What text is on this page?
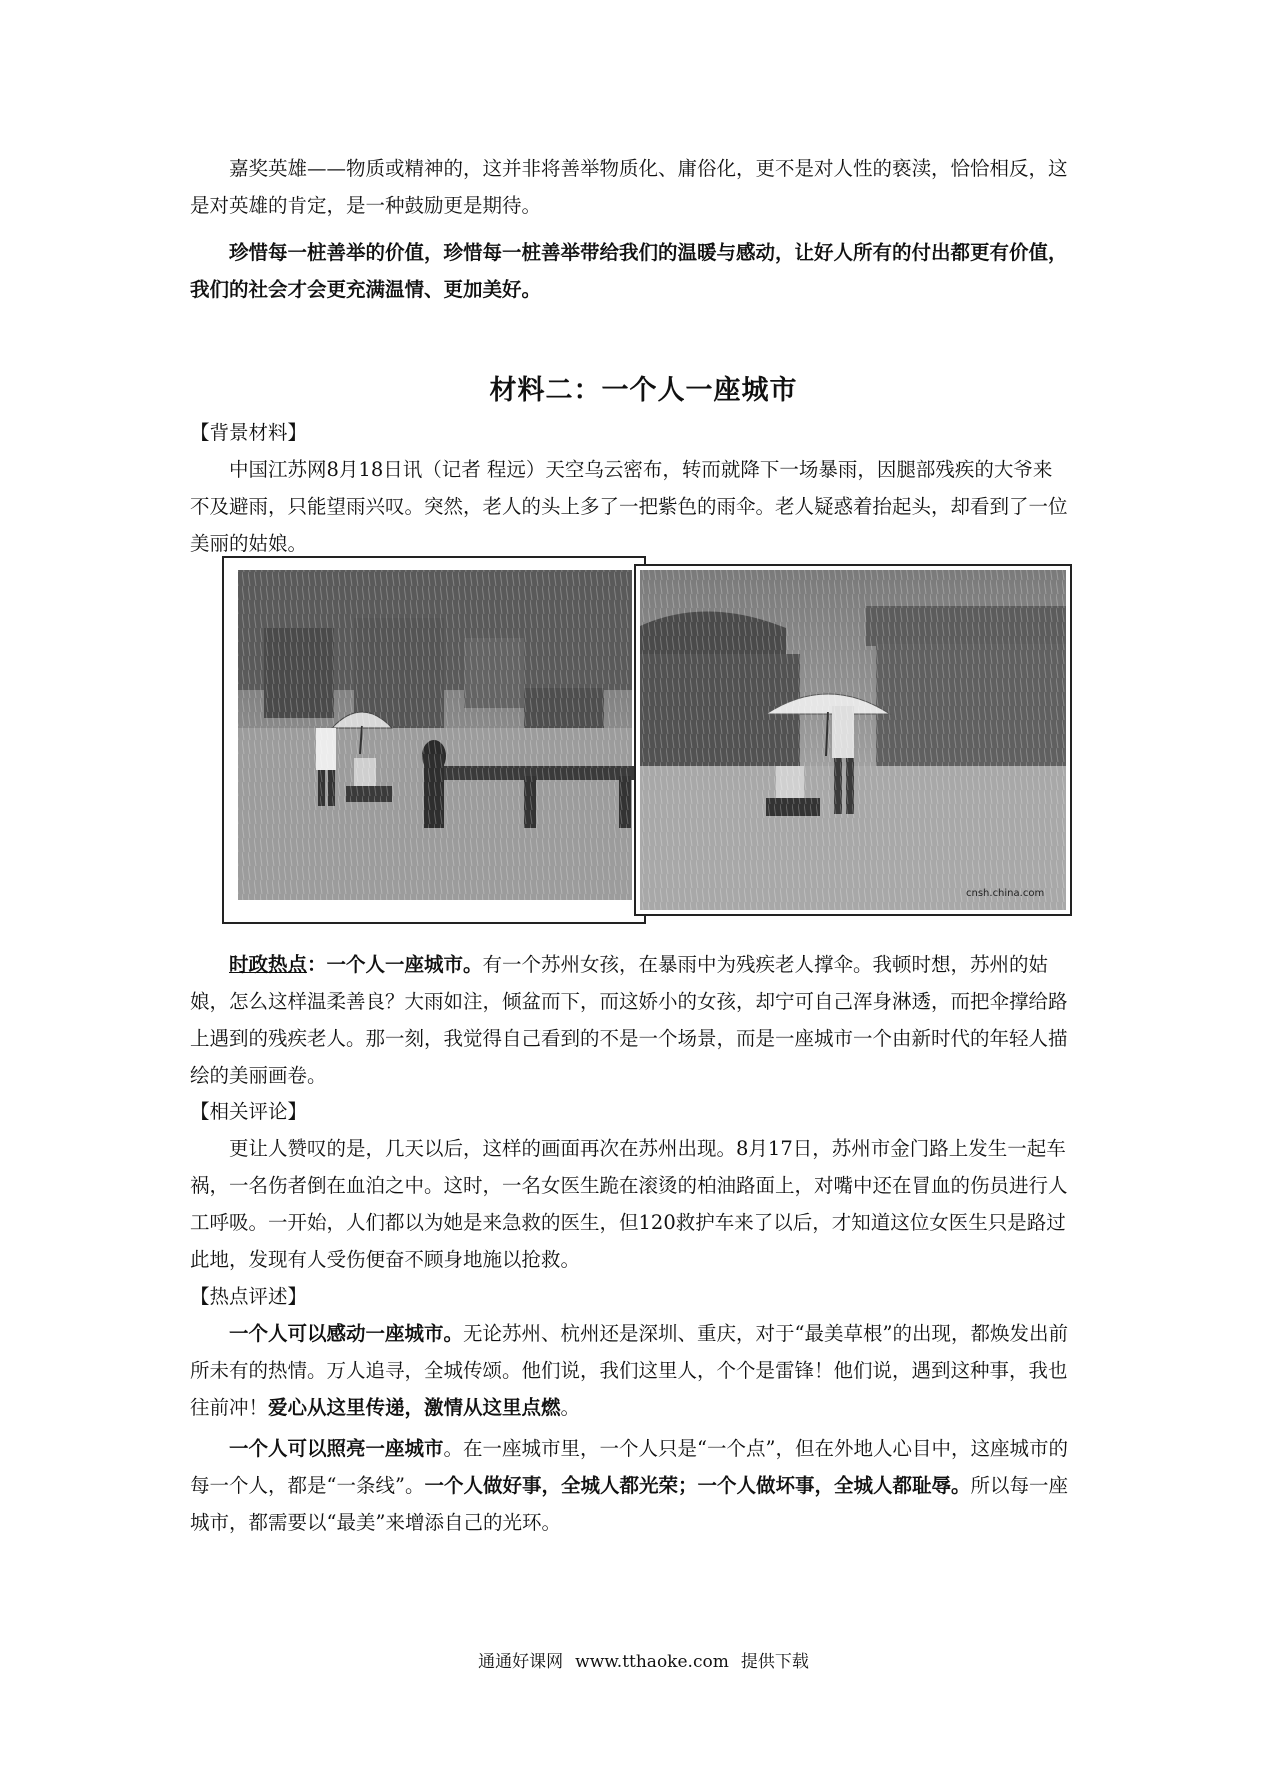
嘉奖英雄——物质或精神的，这并非将善举物质化、庸俗化，更不是对人性的亵渎，恰恰相反，这是对英雄的肯定，是一种鼓励更是期待。

珍惜每一桩善举的价值，珍惜每一桩善举带给我们的温暖与感动，让好人所有的付出都更有价值，我们的社会才会更充满温情、更加美好。

材料二：一个人一座城市

【背景材料】

中国江苏网8月18日讯（记者 程远）天空乌云密布，转而就降下一场暴雨，因腿部残疾的大爷来不及避雨，只能望雨兴叹。突然，老人的头上多了一把紫色的雨伞。老人疑惑着抬起头，却看到了一位美丽的姑娘。

cnsh.china.com

时政热点：一个人一座城市。有一个苏州女孩，在暴雨中为残疾老人撑伞。我顿时想，苏州的姑娘，怎么这样温柔善良？大雨如注，倾盆而下，而这娇小的女孩，却宁可自己浑身淋透，而把伞撑给路上遇到的残疾老人。那一刻，我觉得自己看到的不是一个场景，而是一座城市一个由新时代的年轻人描绘的美丽画卷。

【相关评论】

更让人赞叹的是，几天以后，这样的画面再次在苏州出现。8月17日，苏州市金门路上发生一起车祸，一名伤者倒在血泊之中。这时，一名女医生跪在滚烫的柏油路面上，对嘴中还在冒血的伤员进行人工呼吸。一开始，人们都以为她是来急救的医生，但120救护车来了以后，才知道这位女医生只是路过此地，发现有人受伤便奋不顾身地施以抢救。

【热点评述】

一个人可以感动一座城市。无论苏州、杭州还是深圳、重庆，对于“最美草根”的出现，都焕发出前所未有的热情。万人追寻，全城传颂。他们说，我们这里人，个个是雷锋！他们说，遇到这种事，我也往前冲！爱心从这里传递，激情从这里点燃。

一个人可以照亮一座城市。在一座城市里，一个人只是“一个点”，但在外地人心目中，这座城市的每一个人，都是“一条线”。一个人做好事，全城人都光荣；一个人做坏事，全城人都耻辱。所以每一座城市，都需要以“最美”来增添自己的光环。

通通好课网 www.tthaoke.com 提供下载
